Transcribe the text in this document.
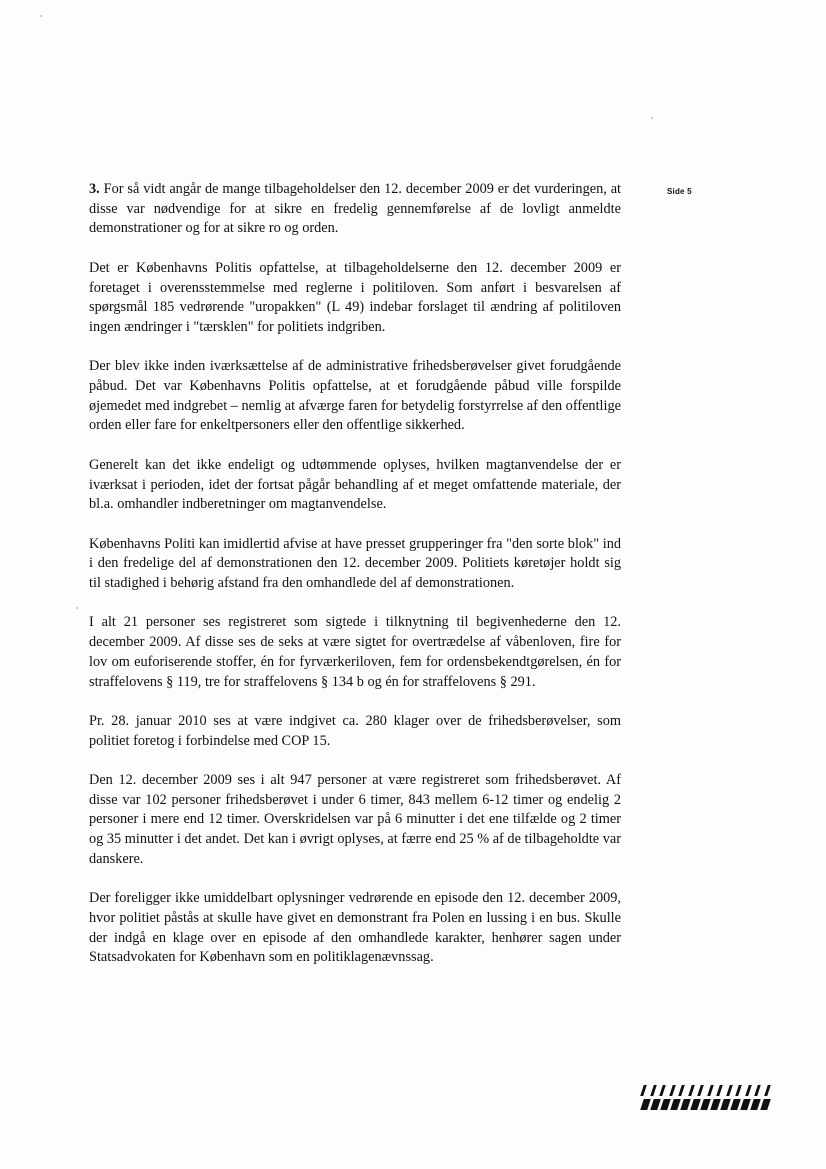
Side 5

3. For så vidt angår de mange tilbageholdelser den 12. december 2009 er det vurderingen, at disse var nødvendige for at sikre en fredelig gennemførelse af de lovligt anmeldte demonstrationer og for at sikre ro og orden.

Det er Københavns Politis opfattelse, at tilbageholdelserne den 12. december 2009 er foretaget i overensstemmelse med reglerne i politiloven. Som anført i besvarelsen af spørgsmål 185 vedrørende "uropakken" (L 49) indebar forslaget til ændring af politiloven ingen ændringer i "tærsklen" for politiets indgriben.

Der blev ikke inden iværksættelse af de administrative frihedsberøvelser givet forudgående påbud. Det var Københavns Politis opfattelse, at et forudgående påbud ville forspilde øjemedet med indgrebet – nemlig at afværge faren for betydelig forstyrrelse af den offentlige orden eller fare for enkeltpersoners eller den offentlige sikkerhed.

Generelt kan det ikke endeligt og udtømmende oplyses, hvilken magtanvendelse der er iværksat i perioden, idet der fortsat pågår behandling af et meget omfattende materiale, der bl.a. omhandler indberetninger om magtanvendelse.

Københavns Politi kan imidlertid afvise at have presset grupperinger fra "den sorte blok" ind i den fredelige del af demonstrationen den 12. december 2009. Politiets køretøjer holdt sig til stadighed i behørig afstand fra den omhandlede del af demonstrationen.

I alt 21 personer ses registreret som sigtede i tilknytning til begivenhederne den 12. december 2009. Af disse ses de seks at være sigtet for overtrædelse af våbenloven, fire for lov om euforiserende stoffer, én for fyrværkeriloven, fem for ordensbekendtgørelsen, én for straffelovens § 119, tre for straffelovens § 134 b og én for straffelovens § 291.

Pr. 28. januar 2010 ses at være indgivet ca. 280 klager over de frihedsberøvelser, som politiet foretog i forbindelse med COP 15.

Den 12. december 2009 ses i alt 947 personer at være registreret som frihedsberøvet. Af disse var 102 personer frihedsberøvet i under 6 timer, 843 mellem 6-12 timer og endelig 2 personer i mere end 12 timer. Overskridelsen var på 6 minutter i det ene tilfælde og 2 timer og 35 minutter i det andet. Det kan i øvrigt oplyses, at færre end 25 % af de tilbageholdte var danskere.

Der foreligger ikke umiddelbart oplysninger vedrørende en episode den 12. december 2009, hvor politiet påstås at skulle have givet en demonstrant fra Polen en lussing i en bus. Skulle der indgå en klage over en episode af den omhandlede karakter, henhører sagen under Statsadvokaten for København som en politiklagenævnssag.
